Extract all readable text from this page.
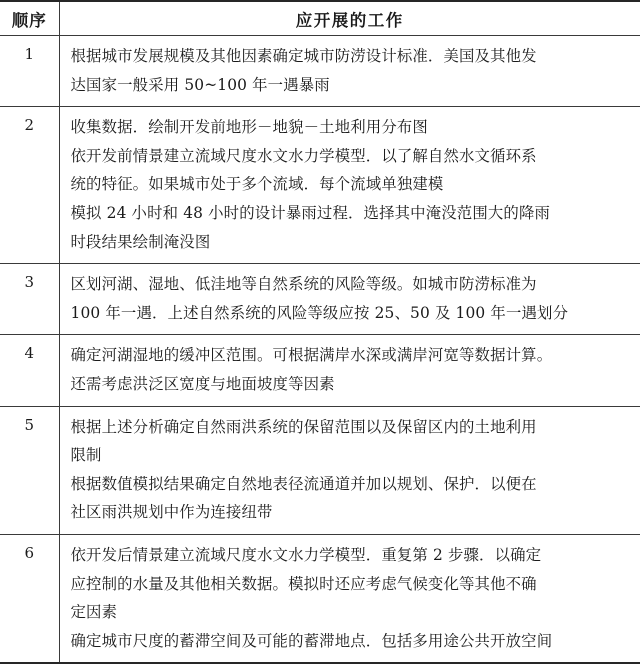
顺序	应开展的工作
1	根据城市发展规模及其他因素确定城市防涝设计标准．美国及其他发
达国家一般采用 50~100 年一遇暴雨

2	收集数据．绘制开发前地形－地貌－土地利用分布图

依开发前情景建立流域尺度水文水力学模型．以了解自然水文循环系
统的特征。如果城市处于多个流域．每个流域单独建模

模拟 24 小时和 48 小时的设计暴雨过程．选择其中淹没范围大的降雨
时段结果绘制淹没图

3	区划河湖、湿地、低洼地等自然系统的风险等级。如城市防涝标准为
100 年一遇．上述自然系统的风险等级应按 25、50 及 100 年一遇划分

4	确定河湖湿地的缓冲区范围。可根据满岸水深或满岸河宽等数据计算。
还需考虑洪泛区宽度与地面坡度等因素

5	根据上述分析确定自然雨洪系统的保留范围以及保留区内的土地利用
限制

根据数值模拟结果确定自然地表径流通道并加以规划、保护．以便在
社区雨洪规划中作为连接纽带

6	依开发后情景建立流域尺度水文水力学模型．重复第 2 步骤．以确定
应控制的水量及其他相关数据。模拟时还应考虑气候变化等其他不确
定因素

确定城市尺度的蓄滞空间及可能的蓄滞地点．包括多用途公共开放空间
